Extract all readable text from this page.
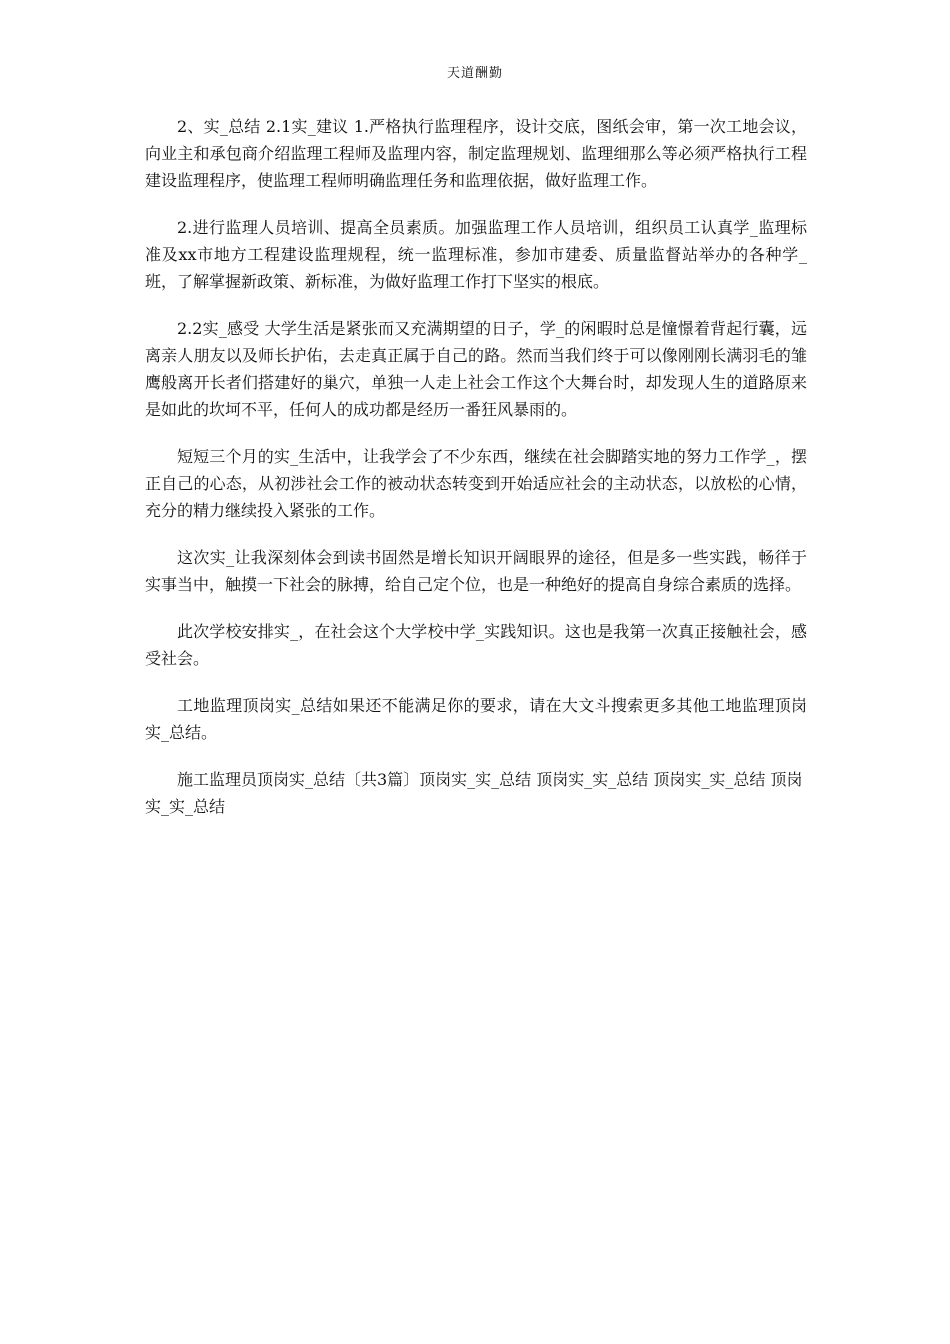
天道酬勤

2、实_总结 2.1实_建议 1.严格执行监理程序，设计交底，图纸会审，第一次工地会议，向业主和承包商介绍监理工程师及监理内容，制定监理规划、监理细那么等必须严格执行工程建设监理程序，使监理工程师明确监理任务和监理依据，做好监理工作。

2.进行监理人员培训、提高全员素质。加强监理工作人员培训，组织员工认真学_监理标准及xx市地方工程建设监理规程，统一监理标准，参加市建委、质量监督站举办的各种学_班，了解掌握新政策、新标准，为做好监理工作打下坚实的根底。

2.2实_感受 大学生活是紧张而又充满期望的日子，学_的闲暇时总是憧憬着背起行囊，远离亲人朋友以及师长护佑，去走真正属于自己的路。然而当我们终于可以像刚刚长满羽毛的雏鹰般离开长者们搭建好的巢穴，单独一人走上社会工作这个大舞台时，却发现人生的道路原来是如此的坎坷不平，任何人的成功都是经历一番狂风暴雨的。

短短三个月的实_生活中，让我学会了不少东西，继续在社会脚踏实地的努力工作学_，摆正自己的心态，从初涉社会工作的被动状态转变到开始适应社会的主动状态，以放松的心情，充分的精力继续投入紧张的工作。

这次实_让我深刻体会到读书固然是增长知识开阔眼界的途径，但是多一些实践，畅徉于实事当中，触摸一下社会的脉搏，给自己定个位，也是一种绝好的提高自身综合素质的选择。

此次学校安排实_，在社会这个大学校中学_实践知识。这也是我第一次真正接触社会，感受社会。

工地监理顶岗实_总结如果还不能满足你的要求，请在大文斗搜索更多其他工地监理顶岗实_总结。

施工监理员顶岗实_总结〔共3篇〕顶岗实_实_总结 顶岗实_实_总结 顶岗实_实_总结 顶岗实_实_总结
